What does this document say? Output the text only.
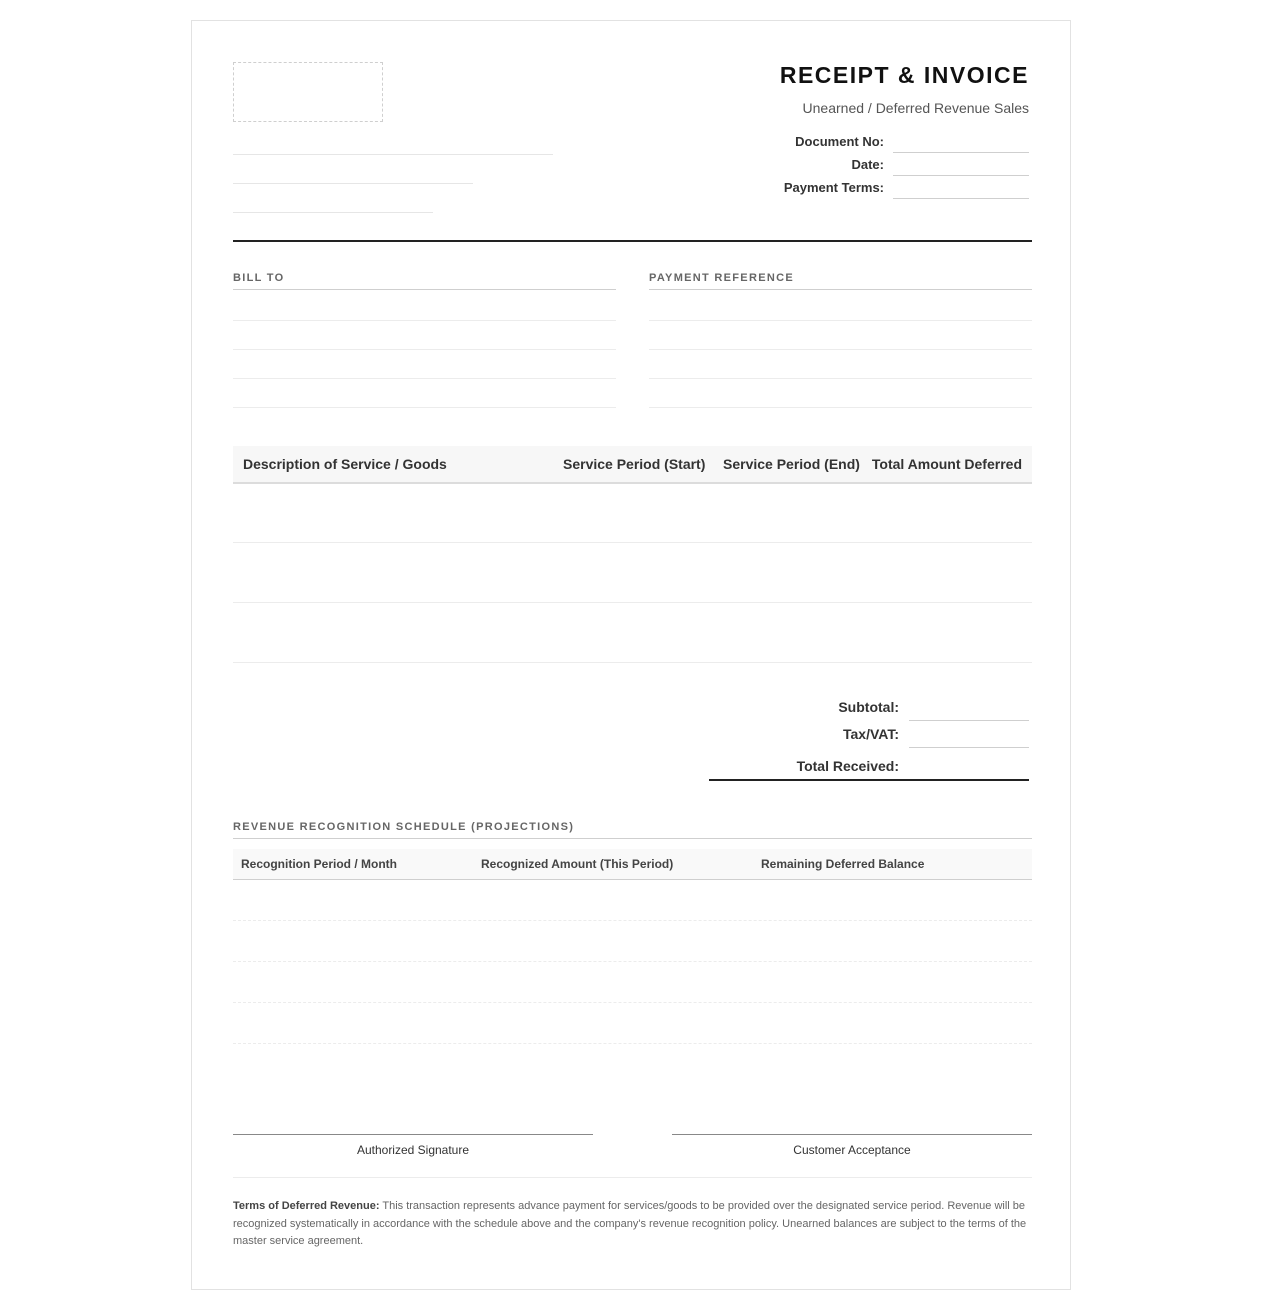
RECEIPT & INVOICE
Unearned / Deferred Revenue Sales
Document No:
Date:
Payment Terms:
BILL TO	PAYMENT REFERENCE
Description of Service / Goods	Service Period (Start) Service Period (End) Total Amount Deferred
Subtotal:
Tax/VAT:
Total Received:
REVENUE RECOGNITION SCHEDULE (PROJECTIONS)
Recognition Period / Month	Recognized Amount (This Period)	Remaining Deferred Balance
Authorized Signature	Customer Acceptance
Terms of Deferred Revenue: This transaction represents advance payment for services/goods to be provided over the designated service period. Revenue will be recognized systematically in accordance with the schedule above and the company's revenue recognition policy. Unearned balances are subject to the terms of the master service agreement.
